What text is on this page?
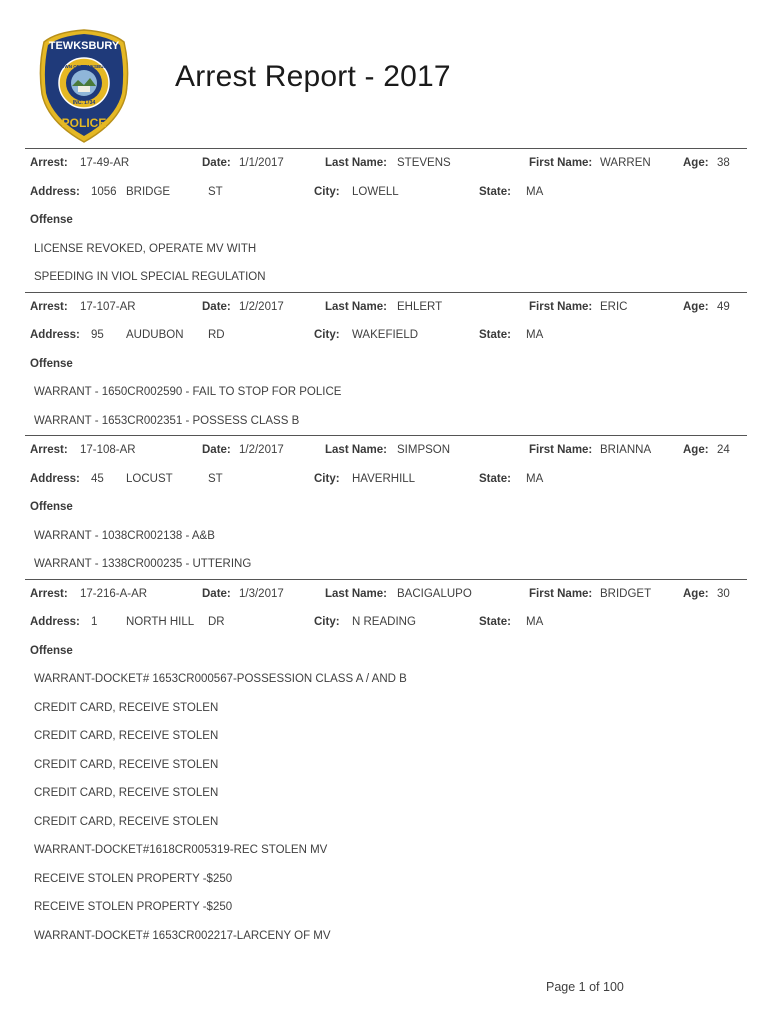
TEWKSBURY
TOWN OF TEWKSBURY
INC. 1734
POLICE
Arrest Report - 2017
Arrest: 17-49-AR	Date: 1/1/2017	Last Name: STEVENS	First Name: WARREN	Age: 38
Address: 1056 BRIDGE	ST	City: LOWELL	State: MA
Offense
LICENSE REVOKED, OPERATE MV WITH
SPEEDING IN VIOL SPECIAL REGULATION
Arrest: 17-107-AR	Date: 1/2/2017	Last Name: EHLERT	First Name: ERIC	Age: 49
Address: 95 AUDUBON RD	City: WAKEFIELD	State: MA
Offense
WARRANT - 1650CR002590 - FAIL TO STOP FOR POLICE
WARRANT - 1653CR002351 - POSSESS CLASS B
Arrest: 17-108-AR	Date: 1/2/2017	Last Name: SIMPSON	First Name: BRIANNA	Age: 24
Address: 45 LOCUST	ST	City: HAVERHILL	State: MA
Offense
WARRANT - 1038CR002138 - A&B
WARRANT - 1338CR000235 - UTTERING
Arrest: 17-216-A-AR	Date: 1/3/2017	Last Name: BACIGALUPO	First Name: BRIDGET	Age: 30
Address: 1 NORTH HILL DR	City: N READING	State: MA
Offense
WARRANT-DOCKET# 1653CR000567-POSSESSION CLASS A / AND B
CREDIT CARD, RECEIVE STOLEN
CREDIT CARD, RECEIVE STOLEN
CREDIT CARD, RECEIVE STOLEN
CREDIT CARD, RECEIVE STOLEN
CREDIT CARD, RECEIVE STOLEN
WARRANT-DOCKET#1618CR005319-REC STOLEN MV
RECEIVE STOLEN PROPERTY -$250
RECEIVE STOLEN PROPERTY -$250
WARRANT-DOCKET# 1653CR002217-LARCENY OF MV
Page 1 of 100
